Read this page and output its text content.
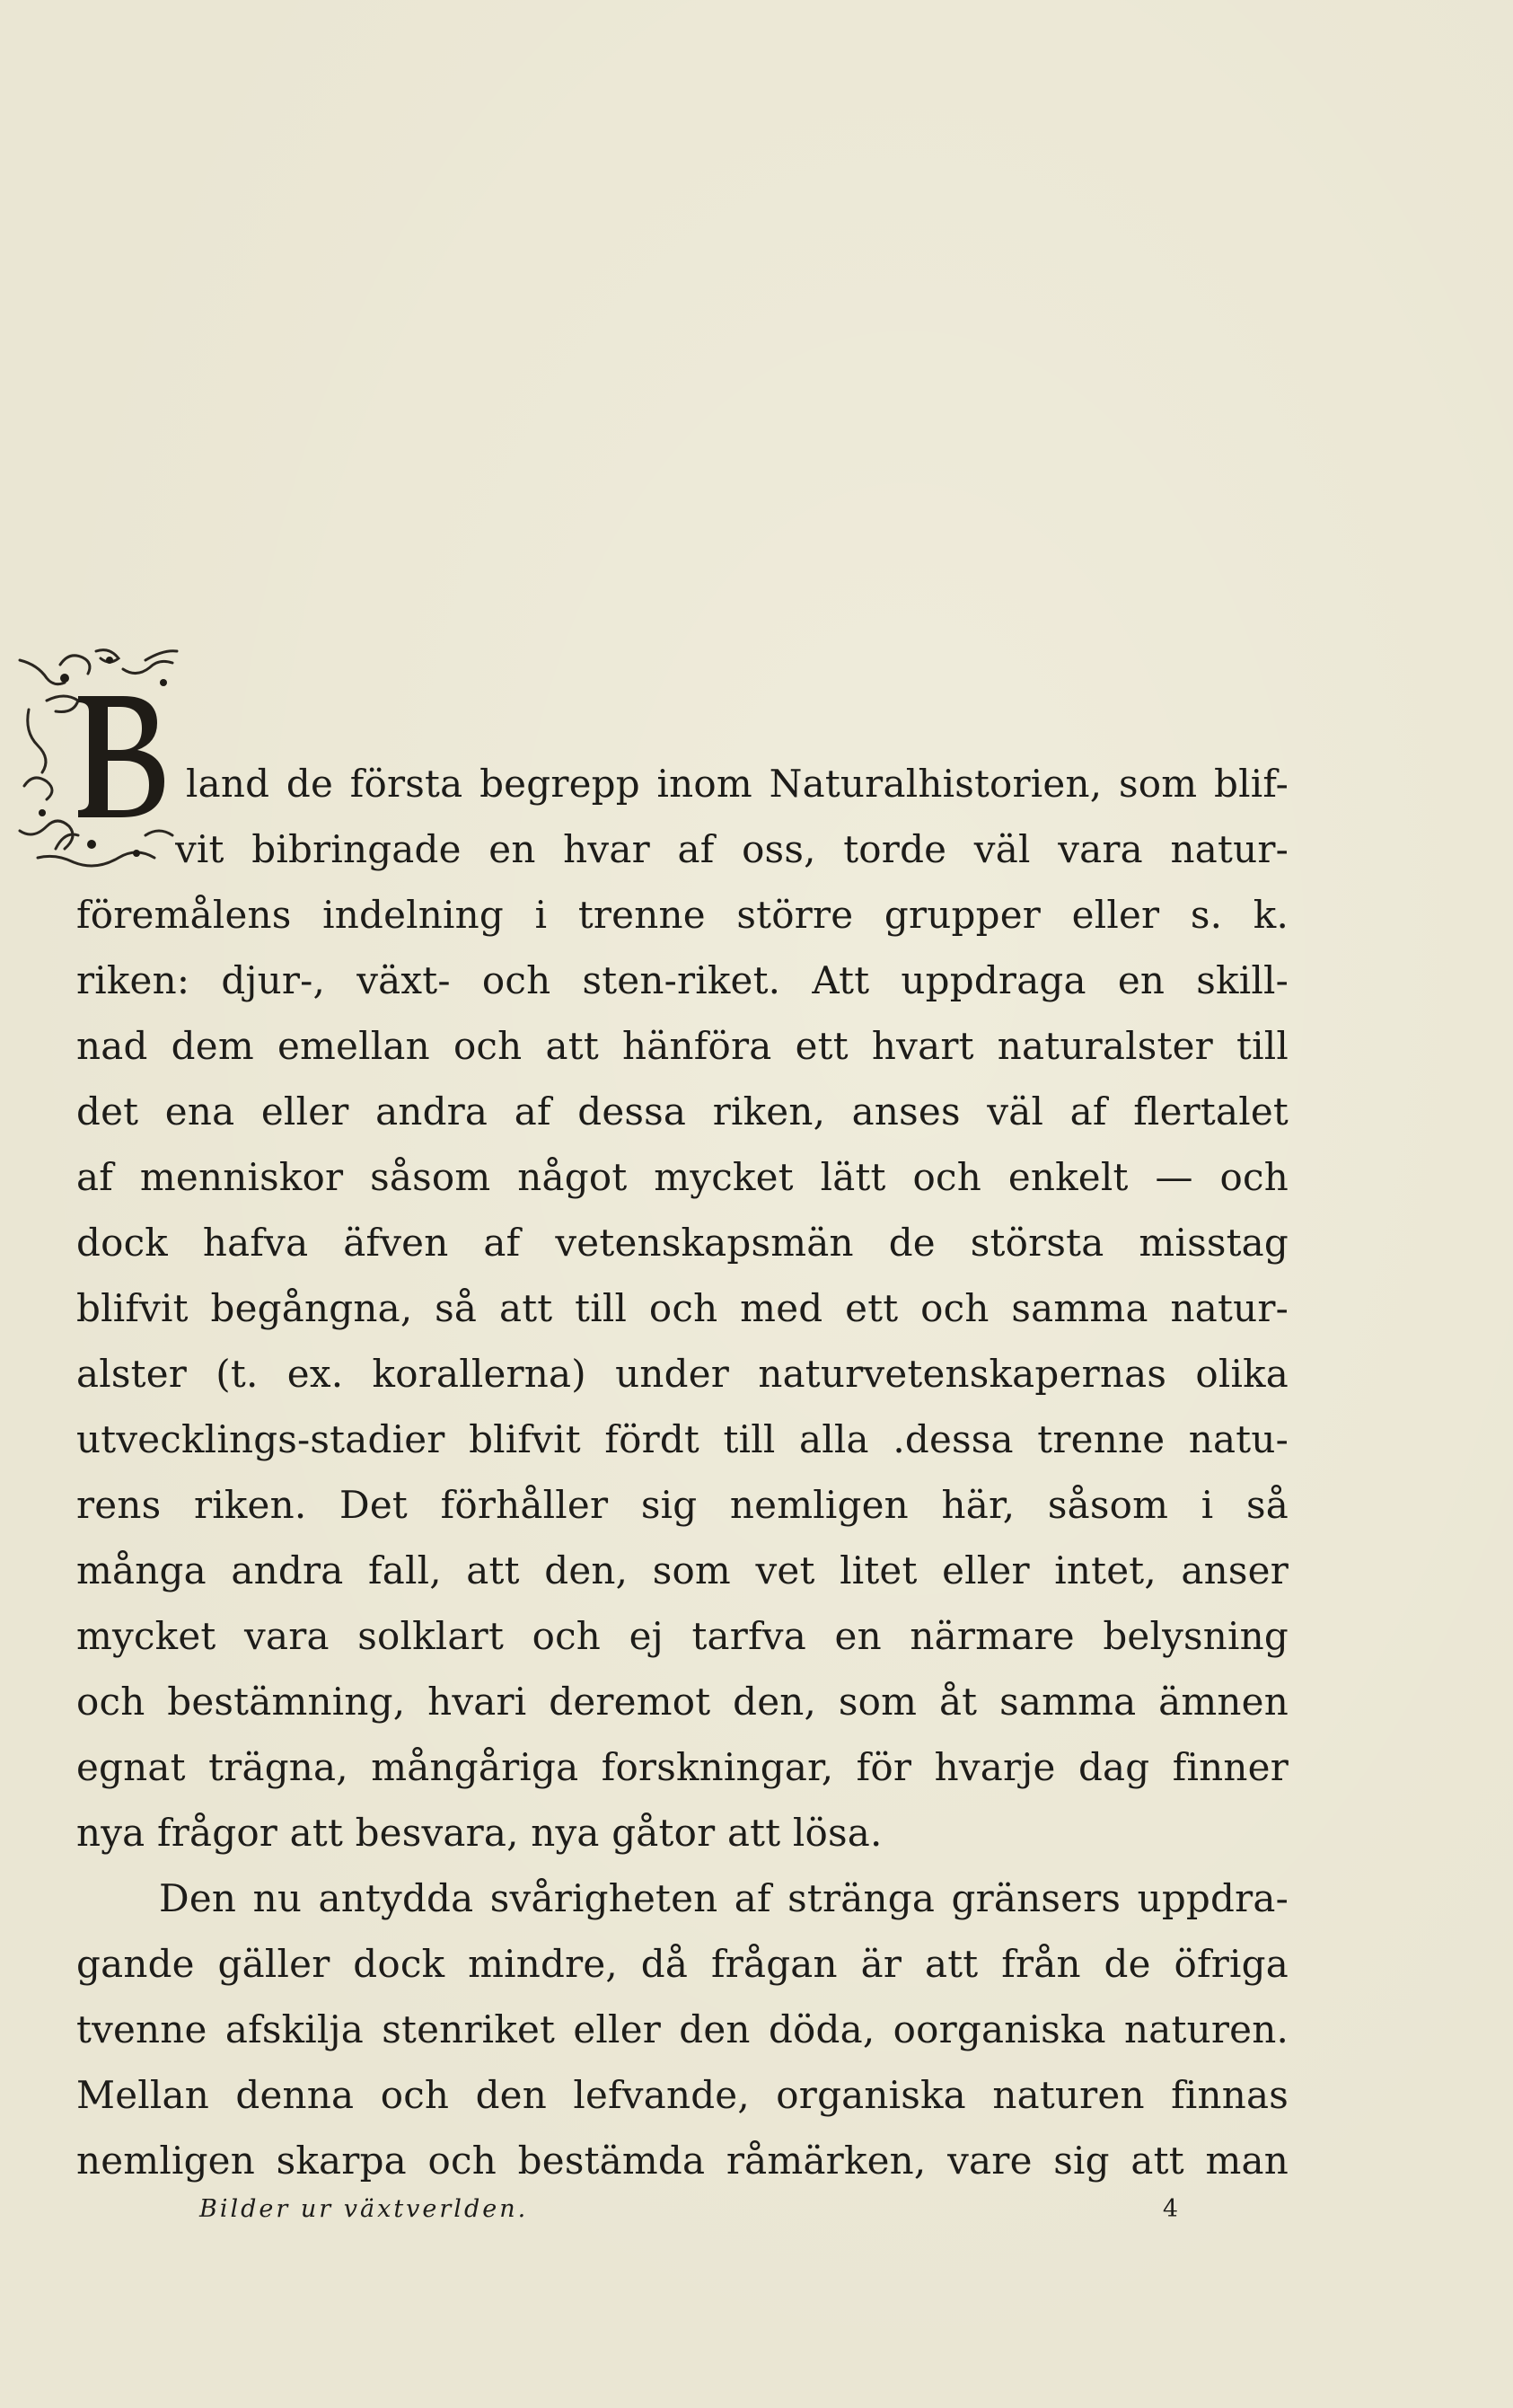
land de första begrepp inom Naturalhistorien, som blif-
vit bibringade en hvar af oss, torde väl vara natur-
föremålens indelning i trenne större grupper eller s. k.
riken: djur-, växt- och sten-riket. Att uppdraga en skill-
nad dem emellan och att hänföra ett hvart naturalster till
det ena eller andra af dessa riken, anses väl af flertalet
af menniskor såsom något mycket lätt och enkelt — och
dock hafva äfven af vetenskapsmän de största misstag
blifvit begångna, så att till och med ett och samma natur-
alster (t. ex. korallerna) under naturvetenskapernas olika
utvecklings-stadier blifvit fördt till alla .dessa trenne natu-
rens riken. Det förhåller sig nemligen här, såsom i så
många andra fall, att den, som vet litet eller intet, anser
mycket vara solklart och ej tarfva en närmare belysning
och bestämning, hvari deremot den, som åt samma ämnen
egnat trägna, mångåriga forskningar, för hvarje dag finner
nya frågor att besvara, nya gåtor att lösa.
Den nu antydda svårigheten af stränga gränsers uppdra-
gande gäller dock mindre, då frågan är att från de öfriga
tvenne afskilja stenriket eller den döda, oorganiska naturen.
Mellan denna och den lefvande, organiska naturen finnas
nemligen skarpa och bestämda råmärken, vare sig att man
Bilder ur växtverlden.	4
